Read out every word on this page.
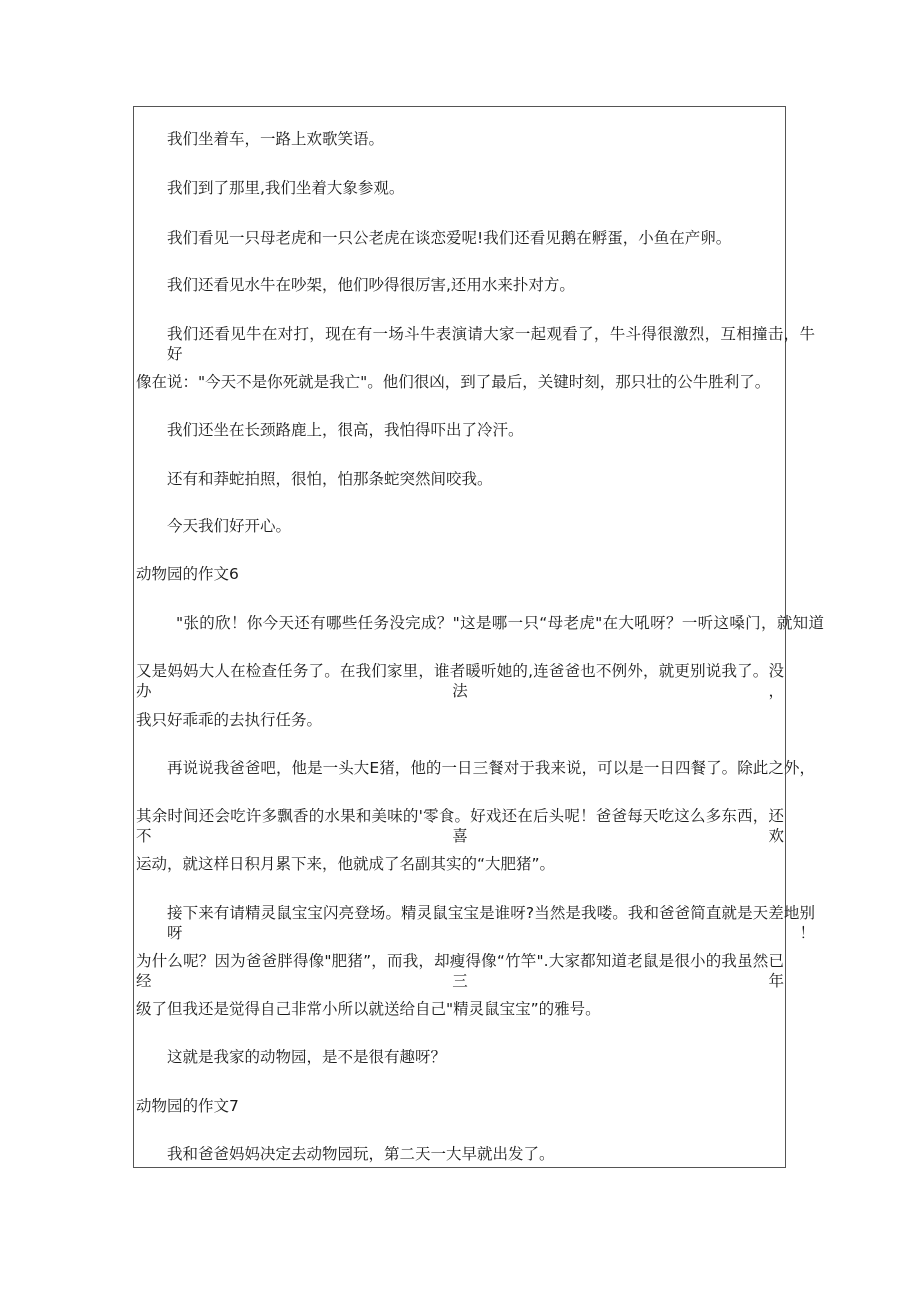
我们坐着车，一路上欢歌笑语。
我们到了那里,我们坐着大象参观。
我们看见一只母老虎和一只公老虎在谈恋爱呢!我们还看见鹅在孵蛋，小鱼在产卵。
我们还看见水牛在吵架，他们吵得很厉害,还用水来扑对方。
我们还看见牛在对打，现在有一场斗牛表演请大家一起观看了，牛斗得很激烈，互相撞击，牛好
像在说："今天不是你死就是我亡"。他们很凶，到了最后，关键时刻，那只壮的公牛胜利了。
我们还坐在长颈路鹿上，很高，我怕得吓出了冷汗。
还有和莽蛇拍照，很怕，怕那条蛇突然间咬我。
今天我们好开心。
动物园的作文6
"张的欣！你今天还有哪些任务没完成？"这是哪一只“母老虎"在大吼呀？一听这嗓门，就知道
又是妈妈大人在检查任务了。在我们家里，谁者暖听她的,连爸爸也不例外，就更别说我了。没办法，
我只好乖乖的去执行任务。
再说说我爸爸吧，他是一头大E猪，他的一日三餐对于我来说，可以是一日四餐了。除此之外，
其余时间还会吃许多飘香的水果和美味的'零食。好戏还在后头呢！爸爸每天吃这么多东西，还不喜欢
运动，就这样日积月累下来，他就成了名副其实的“大肥猪”。
接下来有请精灵鼠宝宝闪亮登场。精灵鼠宝宝是谁呀?当然是我喽。我和爸爸简直就是天差地别呀！
为什么呢？因为爸爸胖得像"肥猪”，而我，却瘦得像“竹竿".大家都知道老鼠是很小的我虽然已经三年
级了但我还是觉得自己非常小所以就送给自己"精灵鼠宝宝”的雅号。
这就是我家的动物园，是不是很有趣呀？
动物园的作文7
我和爸爸妈妈决定去动物园玩，第二天一大早就出发了。
